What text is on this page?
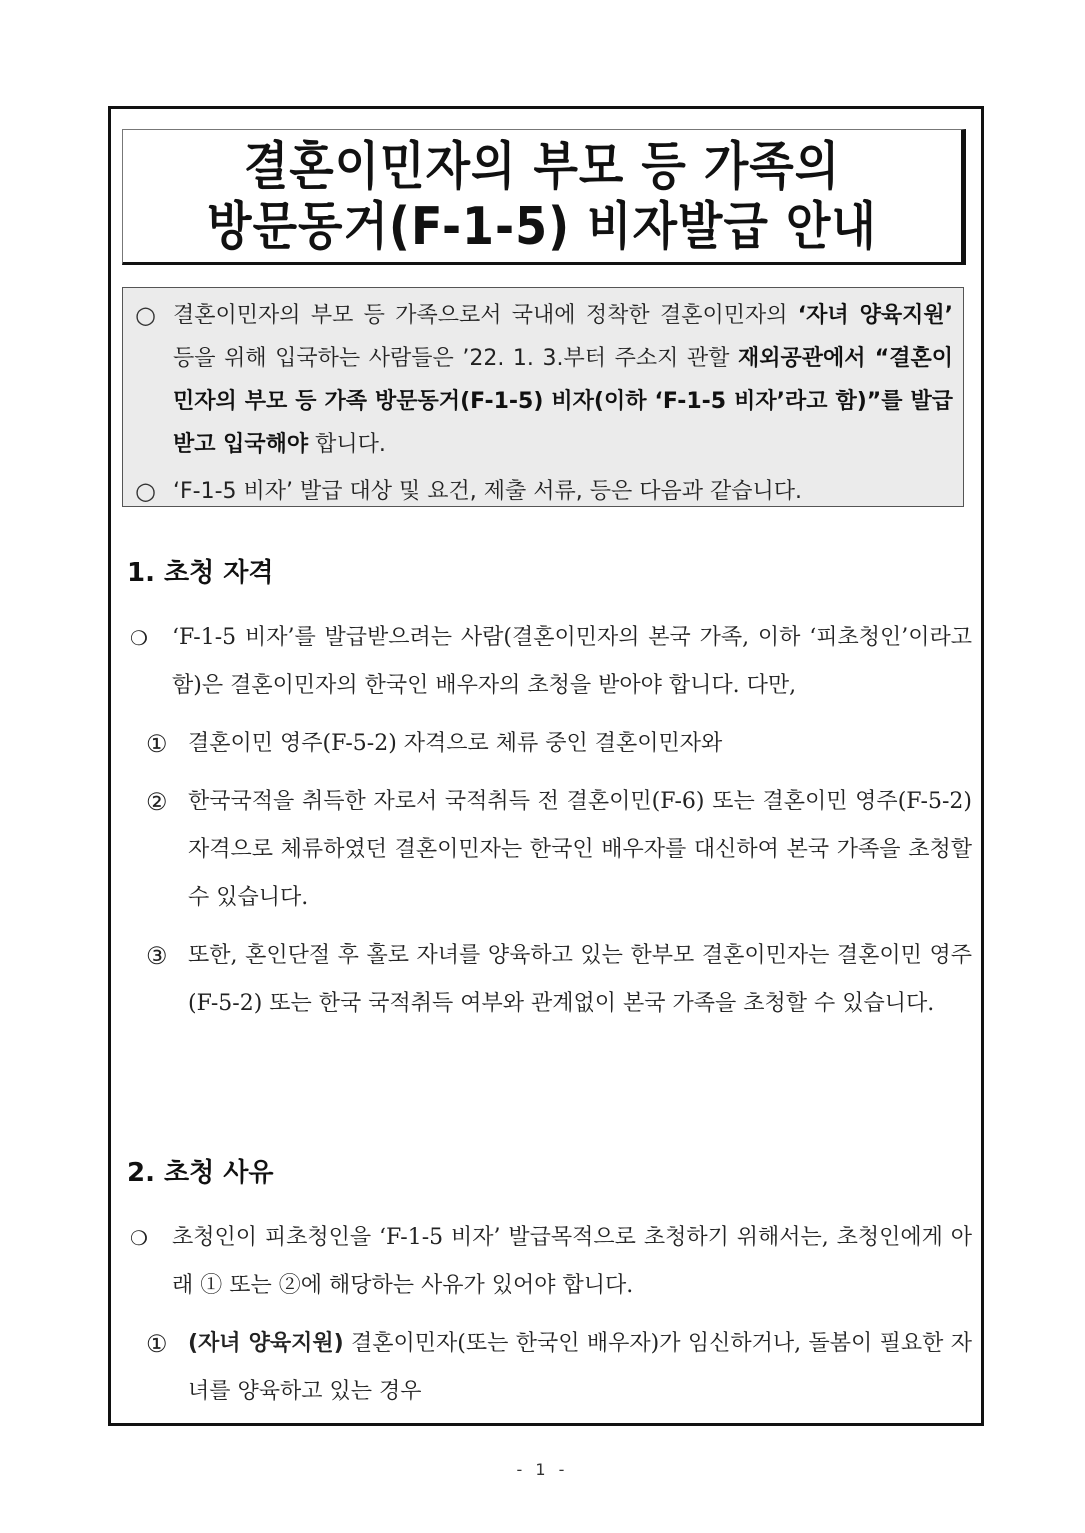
결혼이민자의 부모 등 가족의
방문동거(F-1-5) 비자발급 안내
○ 결혼이민자의 부모 등 가족으로서 국내에 정착한 결혼이민자의 ‘자녀 양육지원’ 등을 위해 입국하는 사람들은 ’22. 1. 3.부터 주소지 관할 재외공관에서 “결혼이민자의 부모 등 가족 방문동거(F-1-5) 비자(이하 ‘F-1-5 비자’라고 함)”를 발급받고 입국해야 합니다.
○ ‘F-1-5 비자’ 발급 대상 및 요건, 제출 서류, 등은 다음과 같습니다.
1. 초청 자격
❍	‘F-1-5 비자’를 발급받으려는 사람(결혼이민자의 본국 가족, 이하 ‘피초청인’이라고 함)은 결혼이민자의 한국인 배우자의 초청을 받아야 합니다. 다만,
① 결혼이민 영주(F-5-2) 자격으로 체류 중인 결혼이민자와
② 한국국적을 취득한 자로서 국적취득 전 결혼이민(F-6) 또는 결혼이민 영주(F-5-2) 자격으로 체류하였던 결혼이민자는 한국인 배우자를 대신하여 본국 가족을 초청할 수 있습니다.
③ 또한, 혼인단절 후 홀로 자녀를 양육하고 있는 한부모 결혼이민자는 결혼이민 영주(F-5-2) 또는 한국 국적취득 여부와 관계없이 본국 가족을 초청할 수 있습니다.
2. 초청 사유
❍	초청인이 피초청인을 ‘F-1-5 비자’ 발급목적으로 초청하기 위해서는, 초청인에게 아래 ① 또는 ②에 해당하는 사유가 있어야 합니다.
① (자녀 양육지원) 결혼이민자(또는 한국인 배우자)가 임신하거나, 돌봄이 필요한 자녀를 양육하고 있는 경우
- 1 -
